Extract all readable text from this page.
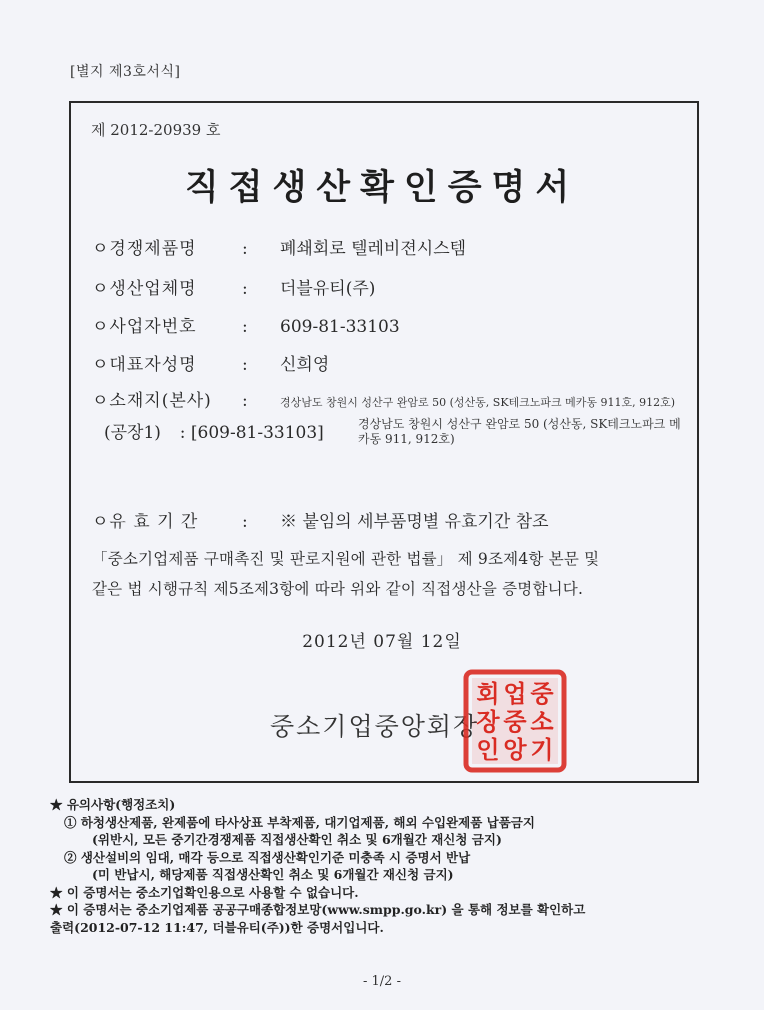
[별지 제3호서식]
제 2012-20939 호
직접생산확인증명서
ㅇ경쟁제품명	: 폐쇄회로 텔레비젼시스템
ㅇ생산업체명	: 더블유티(주)
ㅇ사업자번호	: 609-81-33103
ㅇ대표자성명	: 신희영
ㅇ소재지(본사) :	경상남도 창원시 성산구 완암로 50 (성산동, SK테크노파크 메카동 911호, 912호)
(공장1) : [609-81-33103]	경상남도 창원시 성산구 완암로 50 (성산동, SK테크노파크 메카동 911, 912호)
ㅇ유 효 기 간	: ※ 붙임의 세부품명별 유효기간 참조
「중소기업제품 구매촉진 및 판로지원에 관한 법률」 제 9조제4항 본문 및
같은 법 시행규칙 제5조제3항에 따라 위와 같이 직접생산을 증명합니다.
2012년 07월 12일
중소기업중앙회장
중
소
기
업
중
앙
회
장
인
★ 유의사항(행정조치)
① 하청생산제품, 완제품에 타사상표 부착제품, 대기업제품, 해외 수입완제품 납품금지
(위반시, 모든 중기간경쟁제품 직접생산확인 취소 및 6개월간 재신청 금지)
② 생산설비의 임대, 매각 등으로 직접생산확인기준 미충족 시 증명서 반납
(미 반납시, 해당제품 직접생산확인 취소 및 6개월간 재신청 금지)
★ 이 증명서는 중소기업확인용으로 사용할 수 없습니다.
★ 이 증명서는 중소기업제품 공공구매종합정보망(www.smpp.go.kr) 을 통해 정보를 확인하고
출력(2012-07-12 11:47, 더블유티(주))한 증명서입니다.
- 1/2 -
